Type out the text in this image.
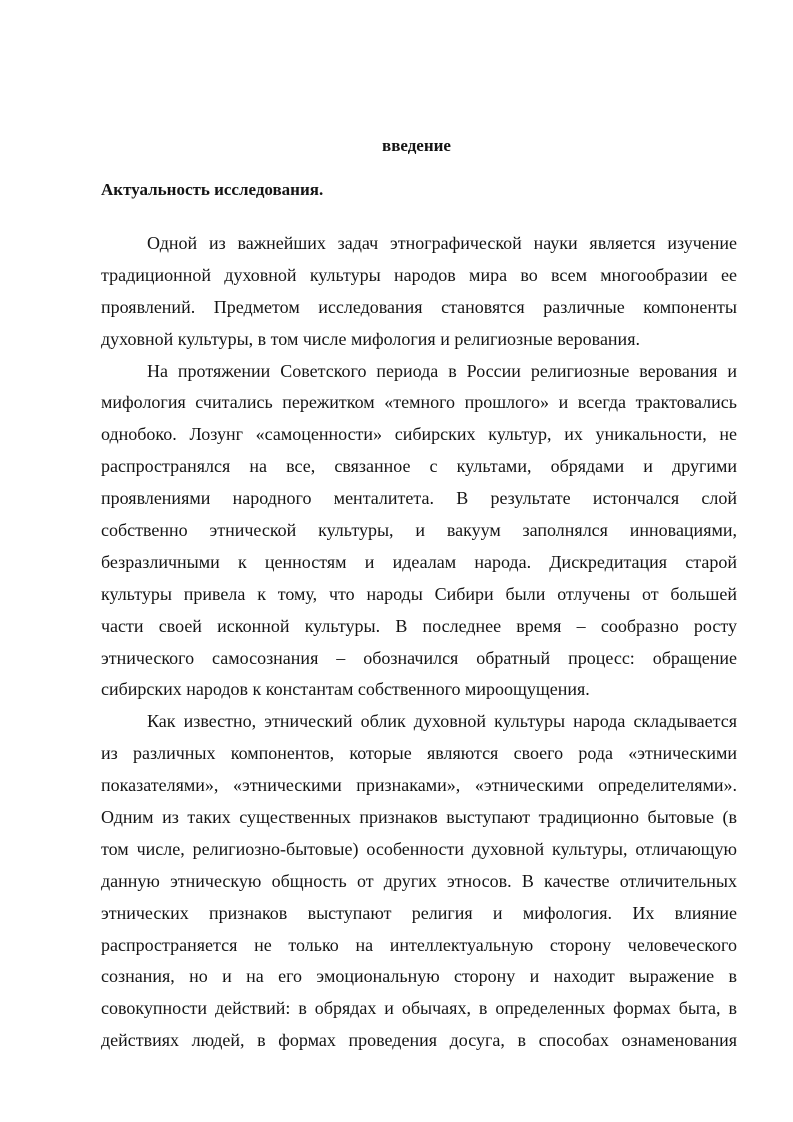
введение
Актуальность исследования.
Одной из важнейших задач этнографической науки является изучение
традиционной духовной культуры народов мира во всем многообразии ее
проявлений. Предметом исследования становятся различные компоненты
духовной культуры, в том числе мифология и религиозные верования.
На протяжении Советского периода в России религиозные верования и
мифология считались пережитком «темного прошлого» и всегда трактовались
однобоко. Лозунг «самоценности» сибирских культур, их уникальности, не
распространялся на все, связанное с культами, обрядами и другими
проявлениями народного менталитета. В результате истончался слой
собственно этнической культуры, и вакуум заполнялся инновациями,
безразличными к ценностям и идеалам народа. Дискредитация старой
культуры привела к тому, что народы Сибири были отлучены от большей
части своей исконной культуры. В последнее время – сообразно росту
этнического самосознания – обозначился обратный процесс: обращение
сибирских народов к константам собственного мироощущения.
Как известно, этнический облик духовной культуры народа складывается
из различных компонентов, которые являются своего рода «этническими
показателями», «этническими признаками», «этническими определителями».
Одним из таких существенных признаков выступают традиционно бытовые (в
том числе, религиозно-бытовые) особенности духовной культуры, отличающую
данную этническую общность от других этносов. В качестве отличительных
этнических признаков выступают религия и мифология. Их влияние
распространяется не только на интеллектуальную сторону человеческого
сознания, но и на его эмоциональную сторону и находит выражение в
совокупности действий: в обрядах и обычаях, в определенных формах быта, в
действиях людей, в формах проведения досуга, в способах ознаменования
